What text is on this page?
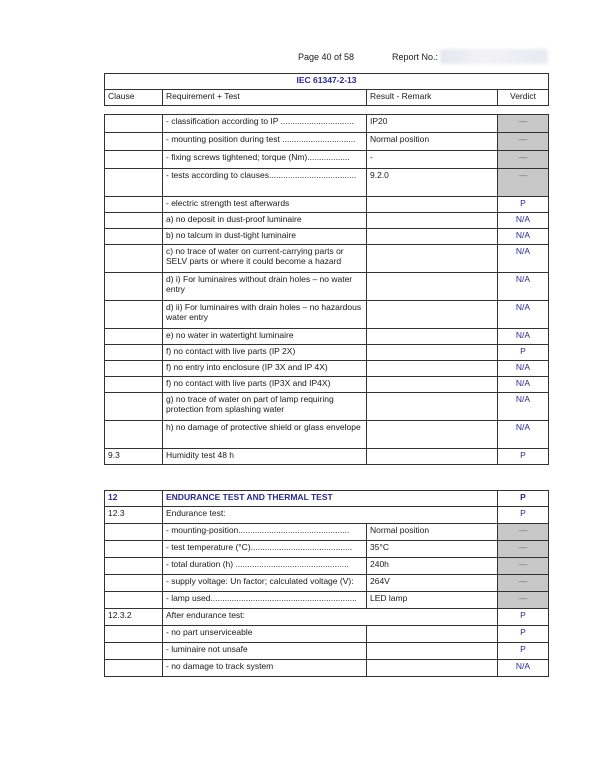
Page 40 of 58	Report No.:
IEC 61347-2-13			
Clause	Requirement + Test	Result - Remark	Verdict

	- classification according to IP ...............................	IP20	—
	- mounting position during test ...............................	Normal position	—
	- fixing screws tightened; torque (Nm)..................	-	—
	- tests according to clauses.....................................	9.2.0	—
	- electric strength test afterwards		P
	a) no deposit in dust-proof luminaire		N/A
	b) no talcum in dust-tight luminaire		N/A
	c) no trace of water on current-carrying parts or SELV parts or where it could become a hazard		N/A
	d) i) For luminaires without drain holes – no water entry		N/A
	d) ii) For luminaires with drain holes – no hazardous water entry		N/A
	e) no water in watertight luminaire		N/A
	f) no contact with live parts (IP 2X)		P
	f) no entry into enclosure (IP 3X and IP 4X)		N/A
	f) no contact with live parts (IP3X and IP4X)		N/A
	g) no trace of water on part of lamp requiring protection from splashing water		N/A
	h) no damage of protective shield or glass envelope		N/A
9.3	Humidity test 48 h		P
12	ENDURANCE TEST AND THERMAL TEST		P
12.3	Endurance test:		P
	- mounting-position...............................................	Normal position	—
	- test temperature (°C)...........................................	35°C	—
	- total duration (h) ................................................	240h	—
	- supply voltage: Un factor; calculated voltage (V):	264V	—
	- lamp used..............................................................	LED lamp	—
12.3.2	After endurance test:		P
	- no part unserviceable		P
	- luminaire not unsafe		P
	- no damage to track system		N/A
